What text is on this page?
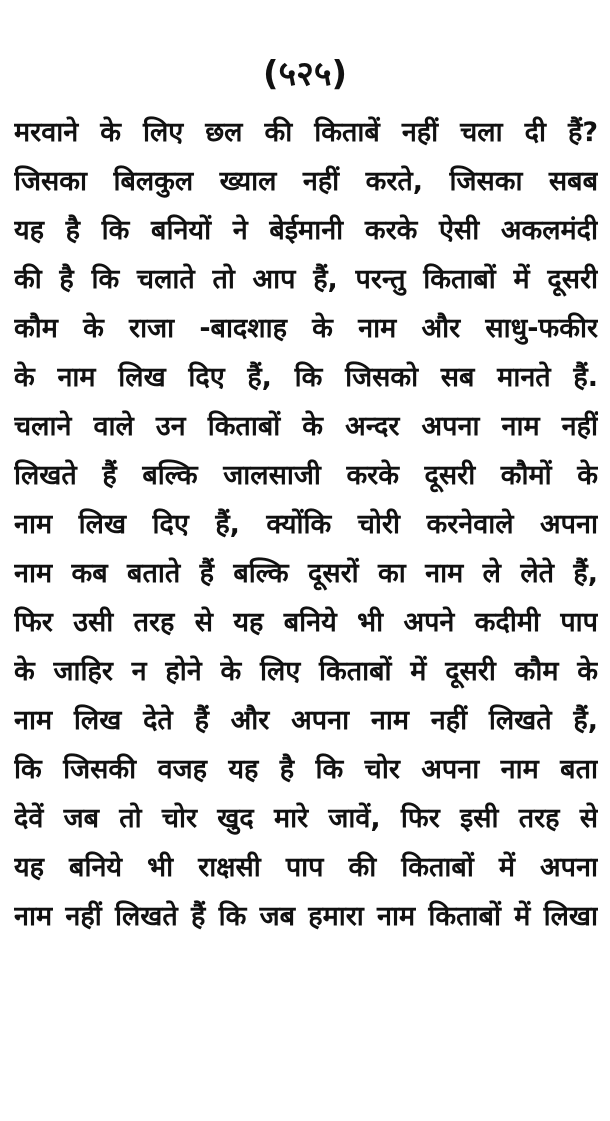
(५२५)
मरवाने के लिए छल की किताबें नहीं चला दी हैं?
जिसका बिलकुल ख्याल नहीं करते, जिसका सबब
यह है कि बनियों ने बेईमानी करके ऐसी अकलमंदी
की है कि चलाते तो आप हैं, परन्तु किताबों में दूसरी
कौम के राजा -बादशाह के नाम और साधु-फकीर
के नाम लिख दिए हैं, कि जिसको सब मानते हैं.
चलाने वाले उन किताबों के अन्दर अपना नाम नहीं
लिखते हैं बल्कि जालसाजी करके दूसरी कौमों के
नाम लिख दिए हैं, क्योंकि चोरी करनेवाले अपना
नाम कब बताते हैं बल्कि दूसरों का नाम ले लेते हैं,
फिर उसी तरह से यह बनिये भी अपने कदीमी पाप
के जाहिर न होने के लिए किताबों में दूसरी कौम के
नाम लिख देते हैं और अपना नाम नहीं लिखते हैं,
कि जिसकी वजह यह है कि चोर अपना नाम बता
देवें जब तो चोर खुद मारे जावें, फिर इसी तरह से
यह बनिये भी राक्षसी पाप की किताबों में अपना
नाम नहीं लिखते हैं कि जब हमारा नाम किताबों में लिखा
